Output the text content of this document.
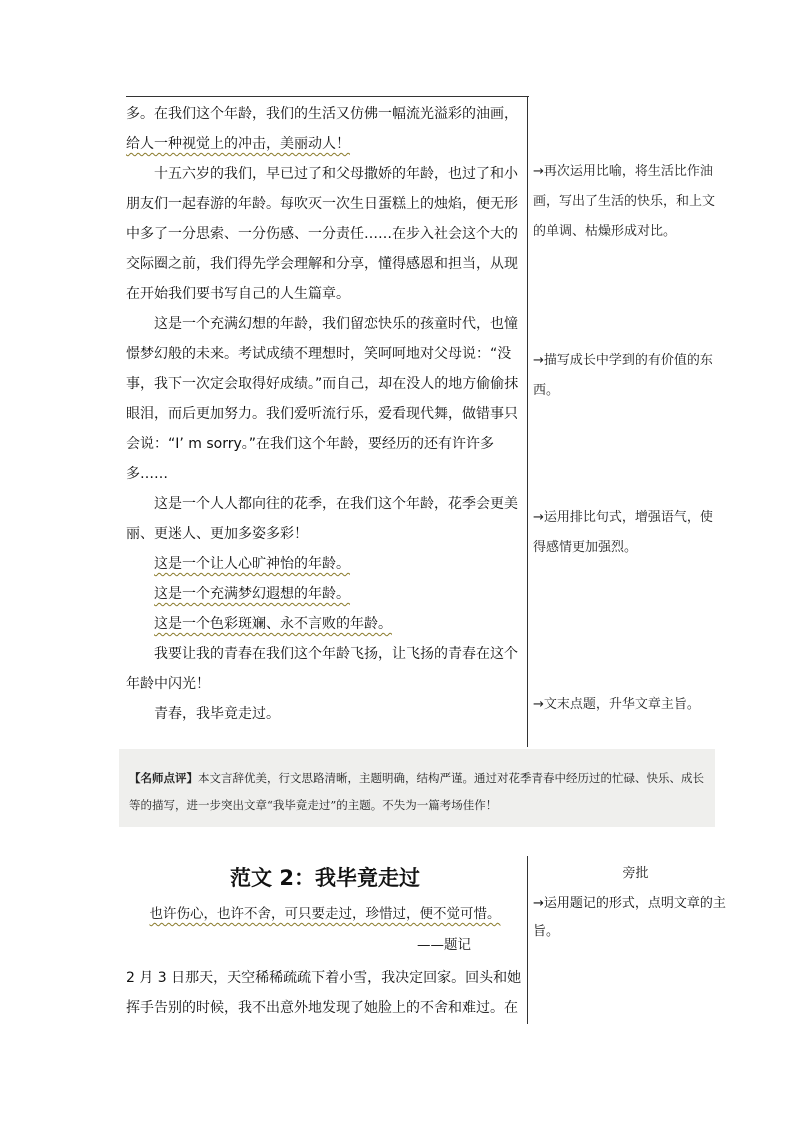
多。在我们这个年龄，我们的生活又仿佛一幅流光溢彩的油画，

给人一种视觉上的冲击，美丽动人！

十五六岁的我们，早已过了和父母撒娇的年龄，也过了和小朋友们一起春游的年龄。每吹灭一次生日蛋糕上的烛焰，便无形中多了一分思索、一分伤感、一分责任……在步入社会这个大的交际圈之前，我们得先学会理解和分享，懂得感恩和担当，从现在开始我们要书写自己的人生篇章。

这是一个充满幻想的年龄，我们留恋快乐的孩童时代，也憧憬梦幻般的未来。考试成绩不理想时，笑呵呵地对父母说：“没事，我下一次定会取得好成绩。”而自己，却在没人的地方偷偷抹眼泪，而后更加努力。我们爱听流行乐，爱看现代舞，做错事只会说：“I’ m sorry。”在我们这个年龄，要经历的还有许许多多……

这是一个人人都向往的花季，在我们这个年龄，花季会更美丽、更迷人、更加多姿多彩！

这是一个让人心旷神怡的年龄。

这是一个充满梦幻遐想的年龄。

这是一个色彩斑斓、永不言败的年龄。

我要让我的青春在我们这个年龄飞扬，让飞扬的青春在这个年龄中闪光！

青春，我毕竟走过。

→再次运用比喻，将生活比作油画，写出了生活的快乐，和上文的单调、枯燥形成对比。
→描写成长中学到的有价值的东西。
→运用排比句式，增强语气，使得感情更加强烈。
→文末点题，升华文章主旨。
【名师点评】本文言辞优美，行文思路清晰，主题明确，结构严谨。通过对花季青春中经历过的忙碌、快乐、成长等的描写，进一步突出文章“我毕竟走过”的主题。不失为一篇考场佳作！
范文 2：我毕竟走过
也许伤心，也许不舍，可只要走过，珍惜过，便不觉可惜。
——题记

2 月 3 日那天，天空稀稀疏疏下着小雪，我决定回家。回头和她挥手告别的时候，我不出意外地发现了她脸上的不舍和难过。在

旁批
→运用题记的形式，点明文章的主旨。
